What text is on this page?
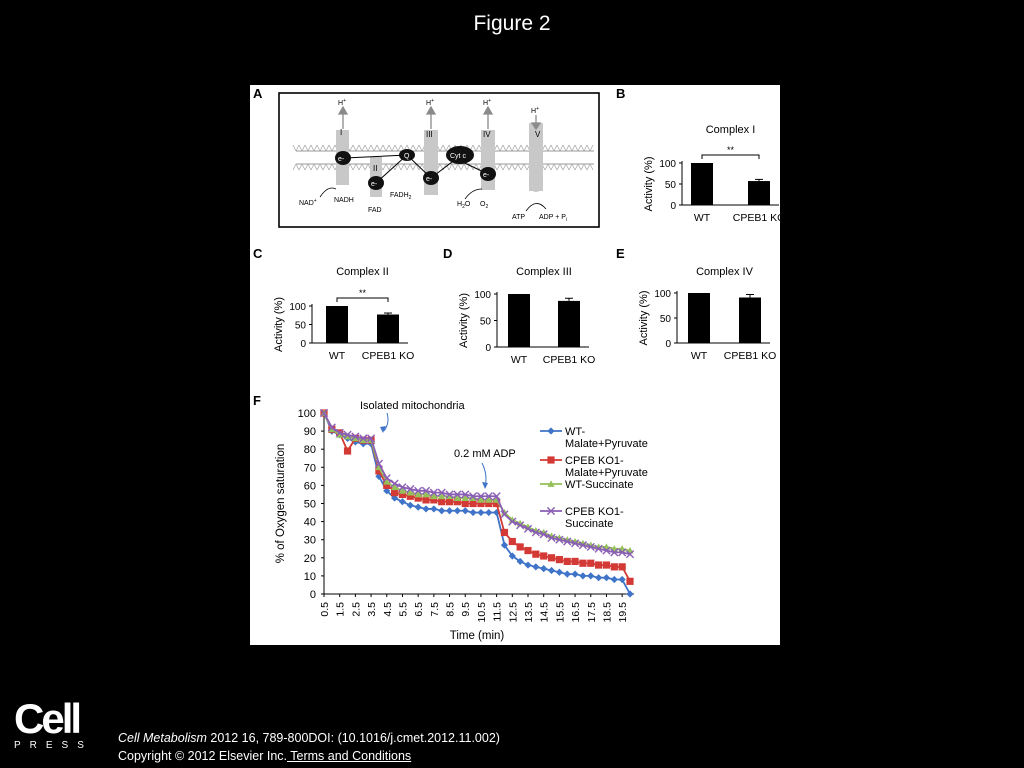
Figure 2
A
I
II
III	IV	V
H+	H+	H+
H+
e-
e-
Q
e-
Cyt c
e-
NAD+ NADH
FAD
$FADH_2$
$H_2O$ $O_2$
ATP ADP + $P_i$
B
Complex I
0
50
100
Activity (%)
WT CPEB1 KO
**
C
Complex II
0
50
100
Activity (%)
WT CPEB1 KO
**
D
Complex III
0
50
100
Activity (%)
WT CPEB1 KO
E
Complex IV
0
50
100
Activity (%)
WT CPEB1 KO
F
0
10
20
30
40
50
60
70
80
90
100
0.5 1.5 2.5 3.5 4.5 5.5 6.5 7.5 8.5 9.5 10.5 11.5 12.5 13.5 14.5 15.5 16.5 17.5 18.5 19.5
% of Oxygen saturation
Time (min)
WT-
Malate+Pyruvate
CPEB KO1-
Malate+Pyruvate
WT-Succinate
CPEB KO1-
Succinate
Isolated mitochondria
0.2 mM ADP
Cell
PRESS
Cell Metabolism 2012 16, 789-800DOI: (10.1016/j.cmet.2012.11.002)
Copyright © 2012 Elsevier Inc. Terms and Conditions
